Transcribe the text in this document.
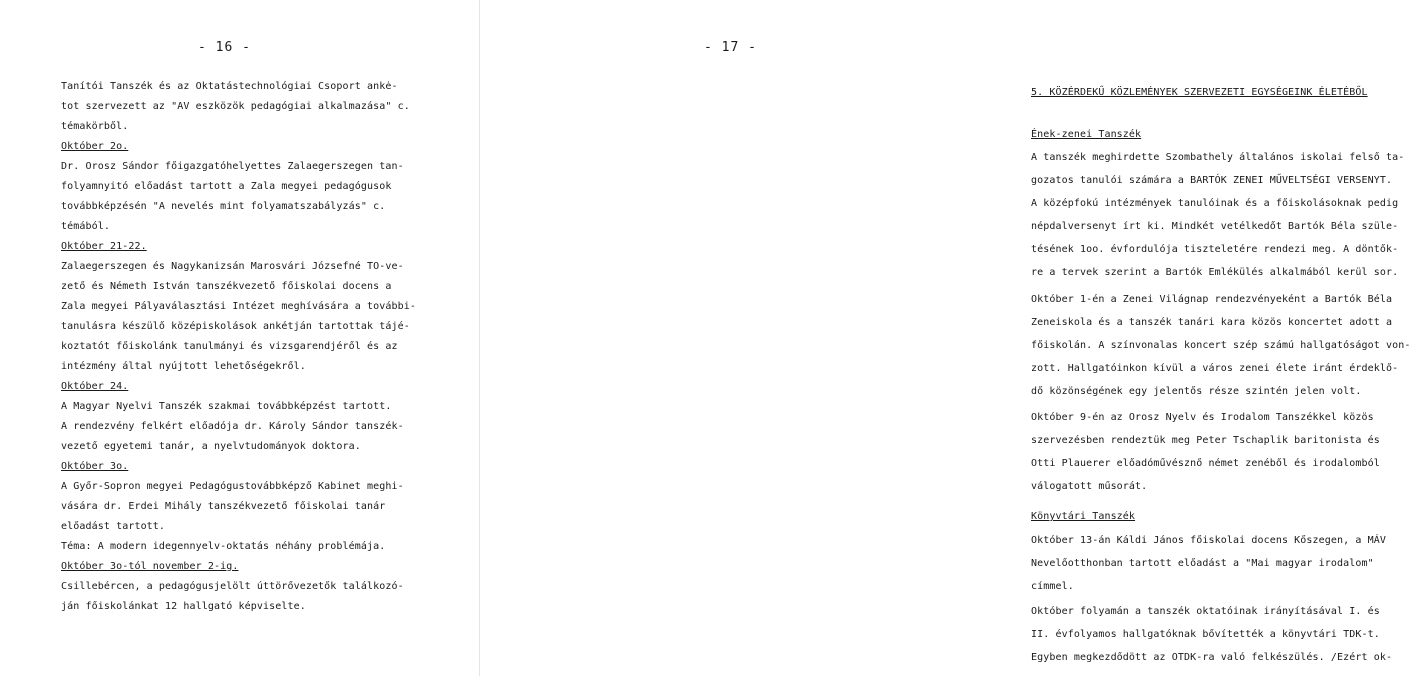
- 16 -
Tanítói Tanszék és az Oktatástechnológiai Csoport ankė-
tot szervezett az "AV eszközök pedagógiai alkalmazása" c.
témakörből.
Október 2o.
Dr. Orosz Sándor főigazgatóhelyettes Zalaegerszegen tan-
folyamnyitó előadást tartott a Zala megyei pedagógusok
továbbképzésén "A nevelés mint folyamatszabályzás" c.
témából.
Október 21-22.
Zalaegerszegen és Nagykanizsán Marosvári Józsefné TO-ve-
zető és Németh István tanszékvezető főiskolai docens a
Zala megyei Pályaválasztási Intézet meghívására a további-
tanulásra készülő középiskolások ankétján tartottak tájé-
koztatót főiskolánk tanulmányi és vizsgarendjéről és az
intézmény által nyújtott lehetőségekről.
Október 24.
A Magyar Nyelvi Tanszék szakmai továbbképzést tartott.
A rendezvény felkért előadója dr. Károly Sándor tanszék-
vezető egyetemi tanár, a nyelvtudományok doktora.
Október 3o.
A Győr-Sopron megyei Pedagógustovábbképző Kabinet meghi-
vására dr. Erdei Mihály tanszékvezető főiskolai tanár
előadást tartott.
Téma: A modern idegennyelv-oktatás néhány problémája.
Október 3o-tól november 2-ig.
Csillebércen, a pedagógusjelölt úttörővezetők találkozó-
ján főiskolánkat 12 hallgató képviselte.
- 17 -
5. KÖZÉRDEKŰ KÖZLEMÉNYEK SZERVEZETI EGYSÉGEINK ÉLETÉBŐL
Ének-zenei Tanszék
A tanszék meghirdette Szombathely általános iskolai felső ta-
gozatos tanulói számára a BARTÓK ZENEI MŰVELTSÉGI VERSENYT.
A középfokú intézmények tanulóinak és a főiskolásoknak pedig
népdalversenyt írt ki. Mindkét vetélkedőt Bartók Béla szüle-
tésének 1oo. évfordulója tiszteletére rendezi meg. A döntők-
re a tervek szerint a Bartók Emlékülés alkalmából kerül sor.
Október 1-én a Zenei Világnap rendezvényeként a Bartók Béla
Zeneiskola és a tanszék tanári kara közös koncertet adott a
főiskolán. A színvonalas koncert szép számú hallgatóságot von-
zott. Hallgatóinkon kívül a város zenei élete iránt érdeklő-
dő közönségének egy jelentős része szintén jelen volt.
Október 9-én az Orosz Nyelv és Irodalom Tanszékkel közös
szervezésben rendeztük meg Peter Tschaplik baritonista és
Otti Plauerer előadóművésznő német zenéből és irodalomból
válogatott műsorát.
Könyvtári Tanszék
Október 13-án Káldi János főiskolai docens Kőszegen, a MÁV
Nevelőotthonban tartott előadást a "Mai magyar irodalom"
címmel.
Október folyamán a tanszék oktatóinak irányításával I. és
II. évfolyamos hallgatóknak bővítették a könyvtári TDK-t.
Egyben megkezdődött az OTDK-ra való felkészülés. /Ezért ok-
